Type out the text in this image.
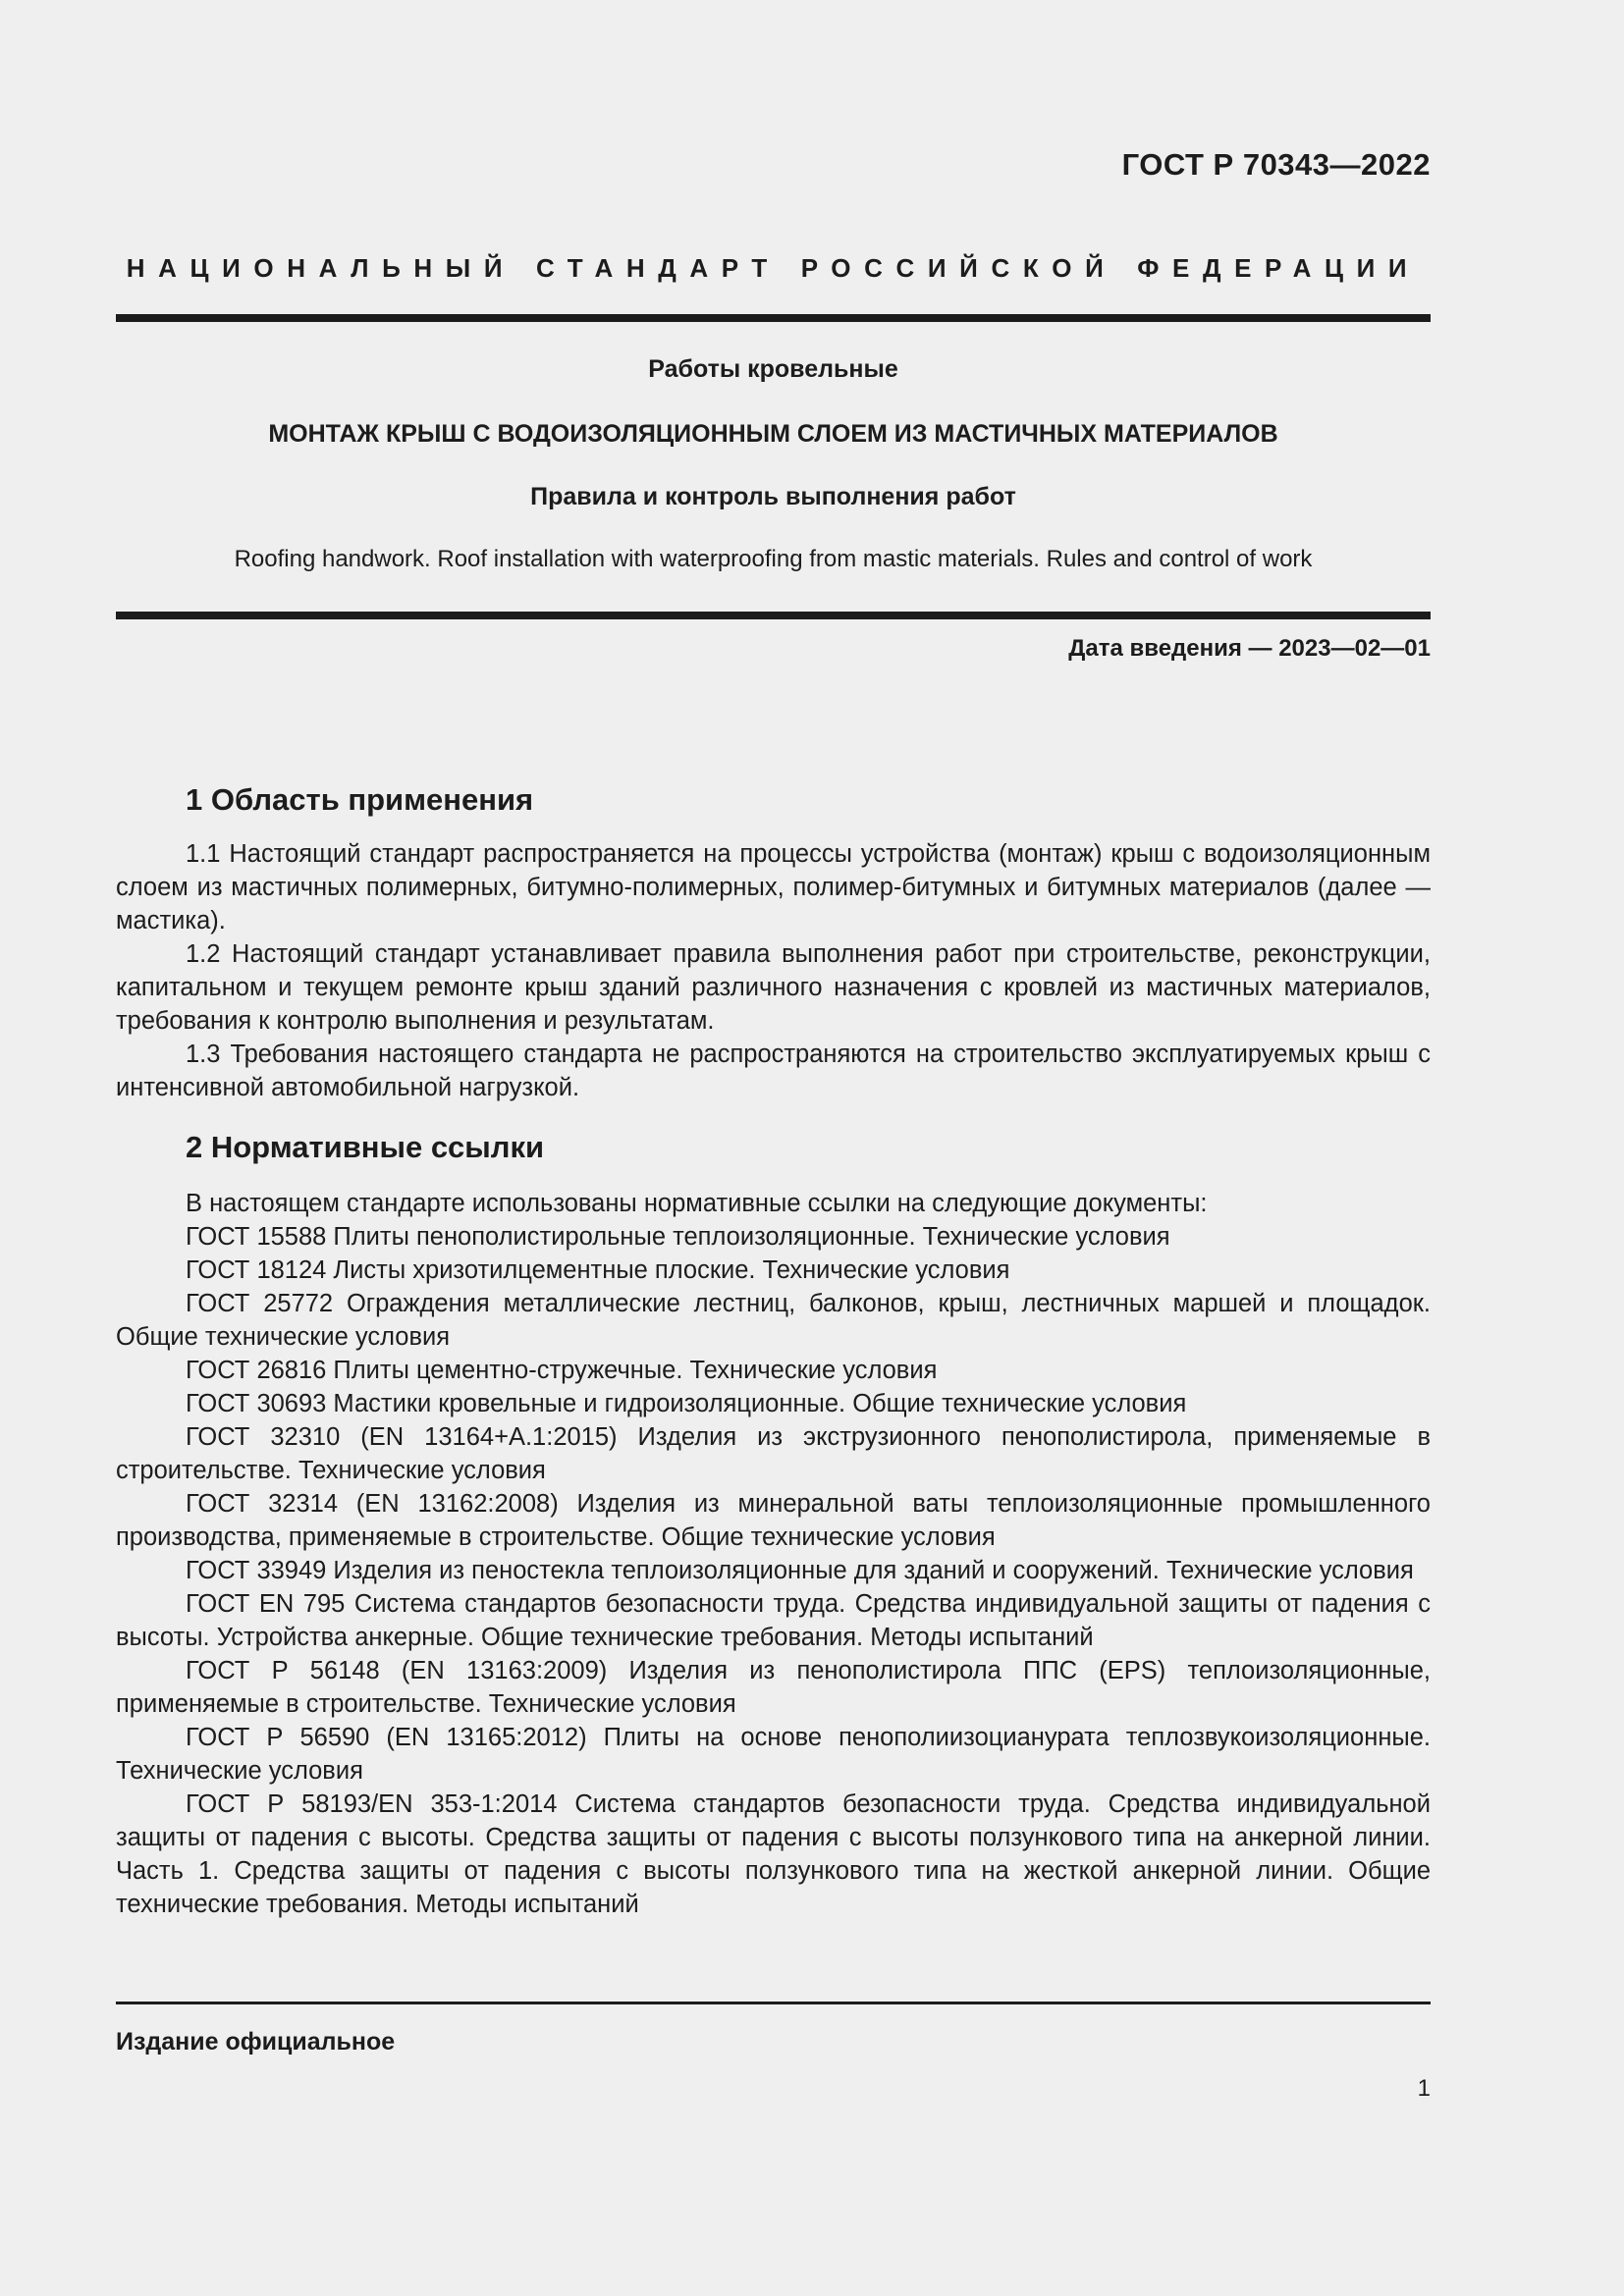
ГОСТ Р 70343—2022
НАЦИОНАЛЬНЫЙ СТАНДАРТ РОССИЙСКОЙ ФЕДЕРАЦИИ
Работы кровельные
МОНТАЖ КРЫШ С ВОДОИЗОЛЯЦИОННЫМ СЛОЕМ ИЗ МАСТИЧНЫХ МАТЕРИАЛОВ
Правила и контроль выполнения работ
Roofing handwork. Roof installation with waterproofing from mastic materials. Rules and control of work
Дата введения — 2023—02—01
1 Область применения

1.1 Настоящий стандарт распространяется на процессы устройства (монтаж) крыш с водоизоляционным слоем из мастичных полимерных, битумно-полимерных, полимер-битумных и битумных материалов (далее — мастика).

1.2 Настоящий стандарт устанавливает правила выполнения работ при строительстве, реконструкции, капитальном и текущем ремонте крыш зданий различного назначения с кровлей из мастичных материалов, требования к контролю выполнения и результатам.

1.3 Требования настоящего стандарта не распространяются на строительство эксплуатируемых крыш с интенсивной автомобильной нагрузкой.

2 Нормативные ссылки

В настоящем стандарте использованы нормативные ссылки на следующие документы:

ГОСТ 15588 Плиты пенополистирольные теплоизоляционные. Технические условия

ГОСТ 18124 Листы хризотилцементные плоские. Технические условия

ГОСТ 25772 Ограждения металлические лестниц, балконов, крыш, лестничных маршей и площадок. Общие технические условия

ГОСТ 26816 Плиты цементно-стружечные. Технические условия

ГОСТ 30693 Мастики кровельные и гидроизоляционные. Общие технические условия

ГОСТ 32310 (EN 13164+A.1:2015) Изделия из экструзионного пенополистирола, применяемые в строительстве. Технические условия

ГОСТ 32314 (EN 13162:2008) Изделия из минеральной ваты теплоизоляционные промышленного производства, применяемые в строительстве. Общие технические условия

ГОСТ 33949 Изделия из пеностекла теплоизоляционные для зданий и сооружений. Технические условия

ГОСТ EN 795 Система стандартов безопасности труда. Средства индивидуальной защиты от падения с высоты. Устройства анкерные. Общие технические требования. Методы испытаний

ГОСТ Р 56148 (EN 13163:2009) Изделия из пенополистирола ППС (EPS) теплоизоляционные, применяемые в строительстве. Технические условия

ГОСТ Р 56590 (EN 13165:2012) Плиты на основе пенополиизоцианурата теплозвукоизоляционные. Технические условия

ГОСТ Р 58193/EN 353-1:2014 Система стандартов безопасности труда. Средства индивидуальной защиты от падения с высоты. Средства защиты от падения с высоты ползункового типа на анкерной линии. Часть 1. Средства защиты от падения с высоты ползункового типа на жесткой анкерной линии. Общие технические требования. Методы испытаний

Издание официальное
1
